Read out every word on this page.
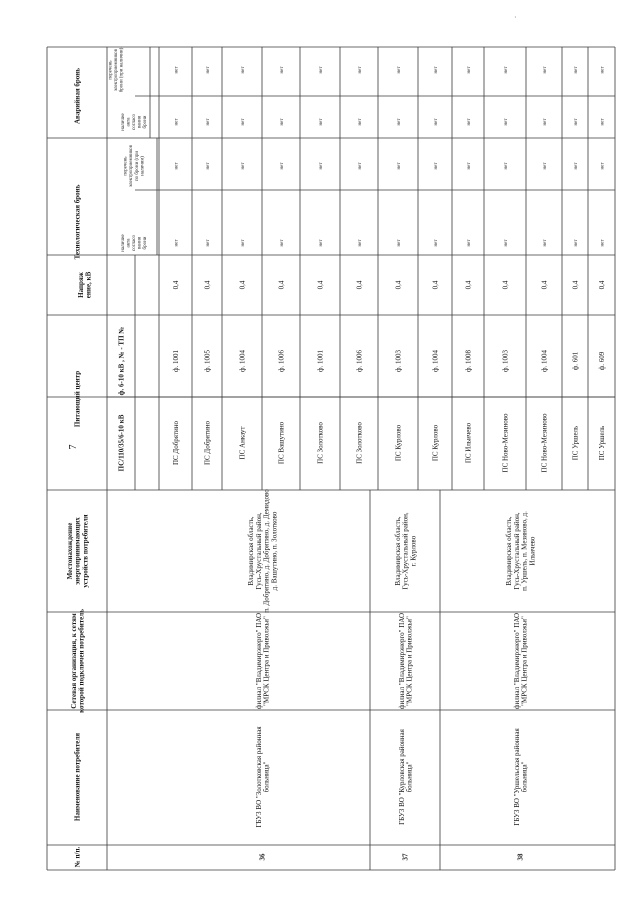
7
·
№ п/п.
Наименование потребителя
Сетевая организация, к сетямкоторой подключен потребитель
Местонахождениеэнергопринимающихустройств потребителя
Питающий центр
ПС/110/35/6-10 кВ
ф. 6-10 кВ , № - ТП №
Напряжение, кВ
Технологическая бронь	наличиеактасогласованияброни
переченьэлектроприемниковпо брони (приналичии)
Аварийная бронь	наличиеактасогласованияброни
переченьэлектроприемниковброни (при наличии)
36
ГБУЗ ВО "Золотковская районнаябольница"
филиал "Владимирэнерго" ПАО"МРСК Центра и Приволжья"
Владимирская область,Гусь-Хрустальный район,п. Добрятино, д. Добрятино, д. Демидовод. Вашутино, п. Золотково
37
ГБУЗ ВО "Курловская районнаябольница"
филиал "Владимирэнерго" ПАО"МРСК Центра и Приволжья"
Владимирская область,Гусь-Хрустальный район,г. Курлово
38
ГБУЗ ВО "Уршельская районнаябольница"
филиал "Владимирэнерго" ПАО"МРСК Центра и Приволжья"
Владимирская область,Гусь-Хрустальный район,п. Уршель, п. Мезиново, д.Ильичево
ПС Добрятино
ф. 1001
0,4
нет
нет
нет
нет
ПС Добрятино
ф. 1005
0,4
нет
нет
нет
нет
ПС Анкаут
ф. 1004
0,4
нет
нет
нет
нет
ПС Вашутино
ф. 1006
0,4
нет
нет
нет
нет
ПС Золотково
ф. 1001
0,4
нет
нет
нет
нет
ПС Золотково
ф. 1006
0,4
нет
нет
нет
нет
ПС Курлово
ф. 1003
0,4
нет
нет
нет
нет
ПС Курлово
ф. 1004
0,4
нет
нет
нет
нет
ПС Ильичево
ф. 1008
0,4
нет
нет
нет
нет
ПС Ново-Мезиново
ф. 1003
0,4
нет
нет
нет
нет
ПС Ново-Мезиново
ф. 1004
0,4
нет
нет
нет
нет
ПС Уршель
ф. 601
0,4
нет
нет
нет
нет
ПС Уршель
ф. 609
0,4
нет
нет
нет
нет
